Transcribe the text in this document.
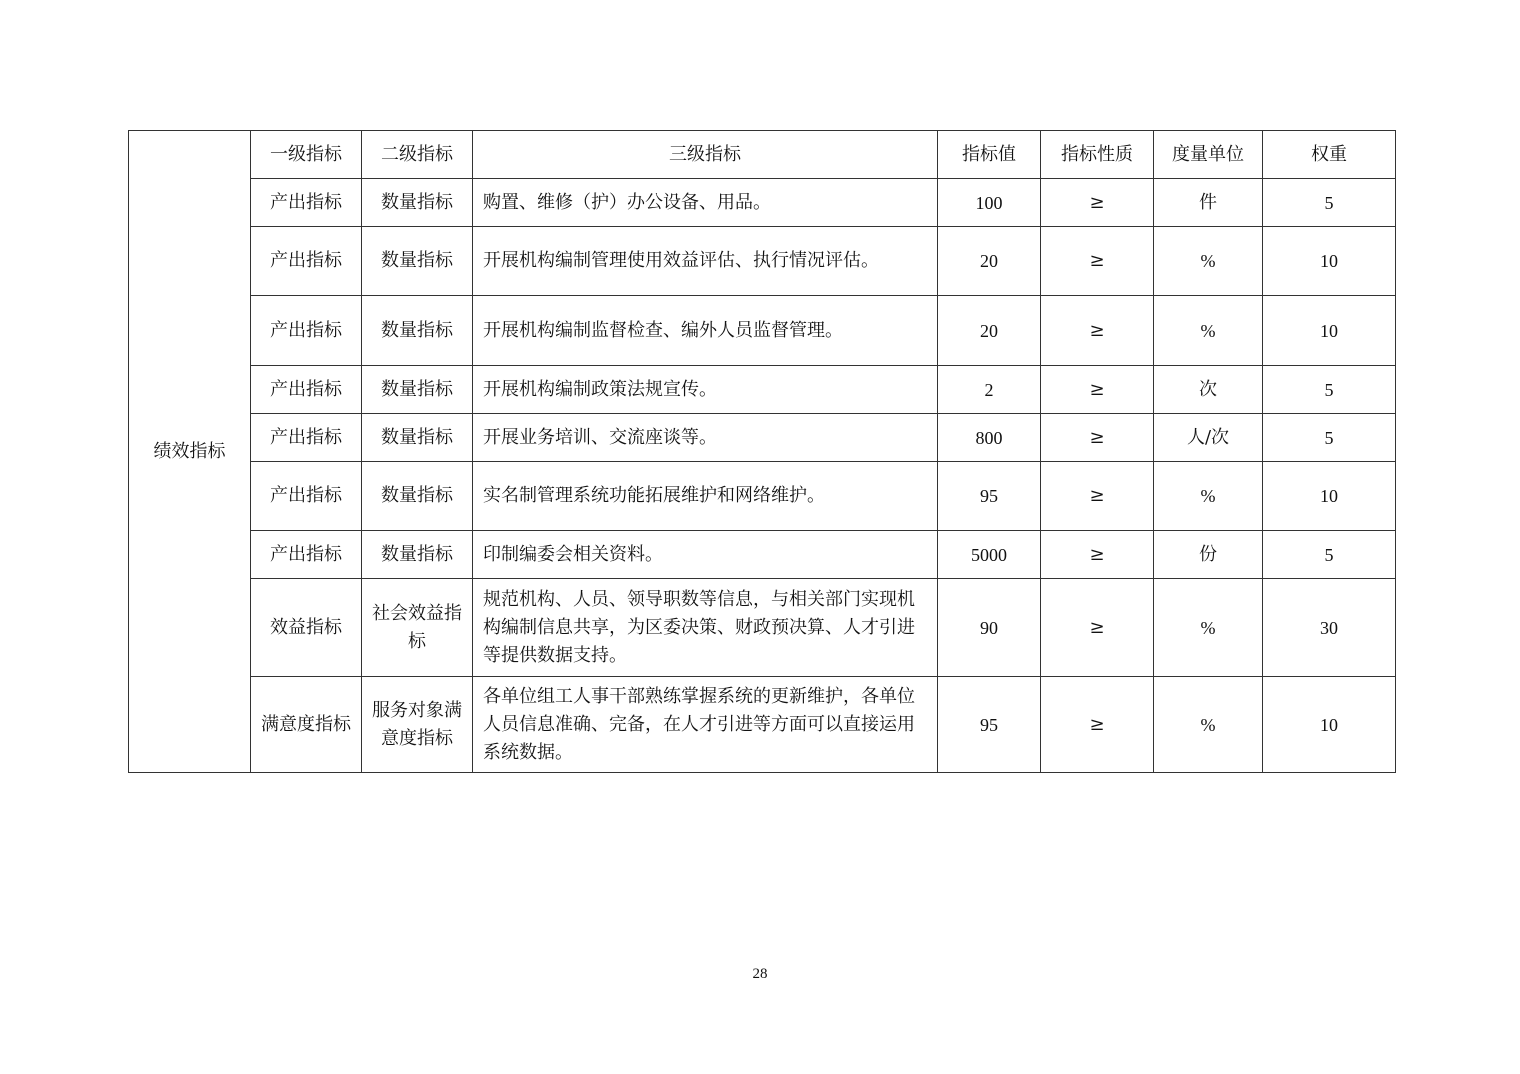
绩效指标	一级指标	二级指标	三级指标	指标值	指标性质	度量单位	权重
	产出指标	数量指标	购置、维修（护）办公设备、用品。	100	≥	件	5
	产出指标	数量指标	开展机构编制管理使用效益评估、执行情况评估。	20	≥	%	10
	产出指标	数量指标	开展机构编制监督检查、编外人员监督管理。	20	≥	%	10
	产出指标	数量指标	开展机构编制政策法规宣传。	2	≥	次	5
	产出指标	数量指标	开展业务培训、交流座谈等。	800	≥	人/次	5
	产出指标	数量指标	实名制管理系统功能拓展维护和网络维护。	95	≥	%	10
	产出指标	数量指标	印制编委会相关资料。	5000	≥	份	5
	效益指标	社会效益指标	规范机构、人员、领导职数等信息，与相关部门实现机构编制信息共享，为区委决策、财政预决算、人才引进等提供数据支持。	90	≥	%	30
	满意度指标	服务对象满意度指标	各单位组工人事干部熟练掌握系统的更新维护，各单位人员信息准确、完备，在人才引进等方面可以直接运用系统数据。	95	≥	%	10
28
